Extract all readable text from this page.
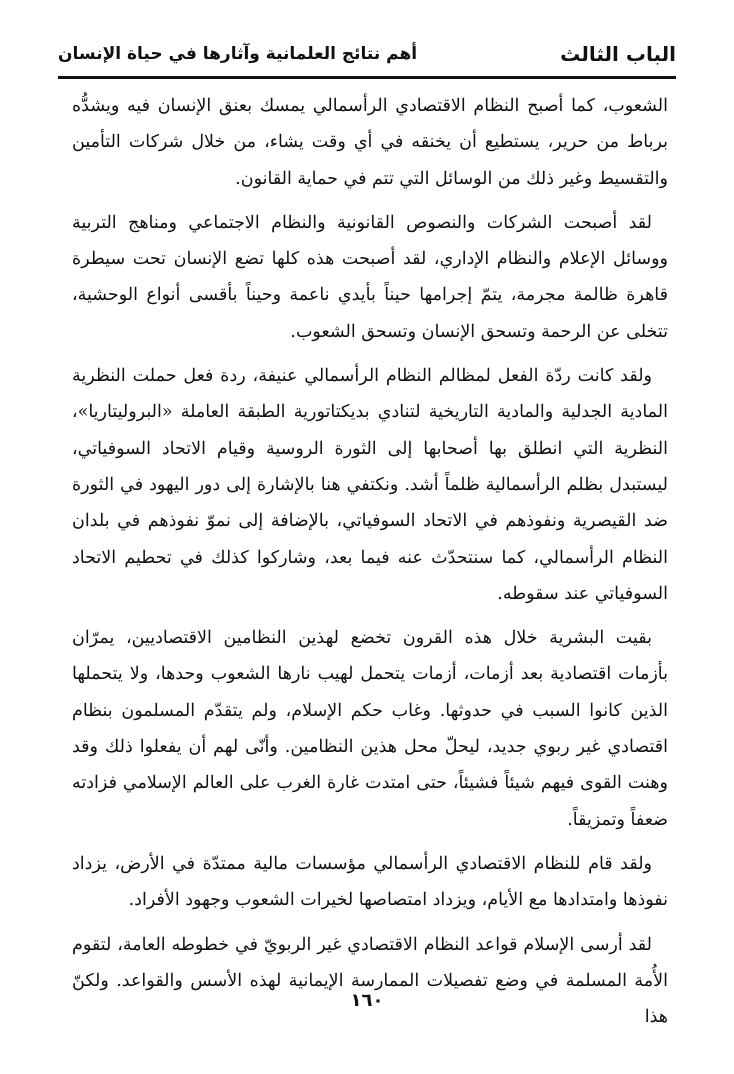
الباب الثالث
أهم نتائج العلمانية وآثارها في حياة الإنسان

الشعوب، كما أصبح النظام الاقتصادي الرأسمالي يمسك بعنق الإنسان فيه ويشدُّه برباط من حرير، يستطيع أن يخنقه في أي وقت يشاء، من خلال شركات التأمين والتقسيط وغير ذلك من الوسائل التي تتم في حماية القانون.

لقد أصبحت الشركات والنصوص القانونية والنظام الاجتماعي ومناهج التربية ووسائل الإعلام والنظام الإداري، لقد أصبحت هذه كلها تضع الإنسان تحت سيطرة قاهرة ظالمة مجرمة، يتمّ إجرامها حيناً بأيدي ناعمة وحيناً بأقسى أنواع الوحشية، تتخلى عن الرحمة وتسحق الإنسان وتسحق الشعوب.

ولقد كانت ردّة الفعل لمظالم النظام الرأسمالي عنيفة، ردة فعل حملت النظرية المادية الجدلية والمادية التاريخية لتنادي بديكتاتورية الطبقة العاملة «البروليتاريا»، النظرية التي انطلق بها أصحابها إلى الثورة الروسية وقيام الاتحاد السوفياتي، ليستبدل بظلم الرأسمالية ظلماً أشد. ونكتفي هنا بالإشارة إلى دور اليهود في الثورة ضد القيصرية ونفوذهم في الاتحاد السوفياتي، بالإضافة إلى نموّ نفوذهم في بلدان النظام الرأسمالي، كما سنتحدّث عنه فيما بعد، وشاركوا كذلك في تحطيم الاتحاد السوفياتي عند سقوطه.

بقيت البشرية خلال هذه القرون تخضع لهذين النظامين الاقتصاديين، يمرّان بأزمات اقتصادية بعد أزمات، أزمات يتحمل لهيب نارها الشعوب وحدها، ولا يتحملها الذين كانوا السبب في حدوثها. وغاب حكم الإسلام، ولم يتقدّم المسلمون بنظام اقتصادي غير ربوي جديد، ليحلّ محل هذين النظامين. وأنّى لهم أن يفعلوا ذلك وقد وهنت القوى فيهم شيئاً فشيئاً، حتى امتدت غارة الغرب على العالم الإسلامي فزادته ضعفاً وتمزيقاً.

ولقد قام للنظام الاقتصادي الرأسمالي مؤسسات مالية ممتدّة في الأرض، يزداد نفوذها وامتدادها مع الأيام، ويزداد امتصاصها لخيرات الشعوب وجهود الأفراد.

لقد أرسى الإسلام قواعد النظام الاقتصادي غير الربويّ في خطوطه العامة، لتقوم الأُمة المسلمة في وضع تفصيلات الممارسة الإيمانية لهذه الأسس والقواعد. ولكنّ هذا

١٦٠
